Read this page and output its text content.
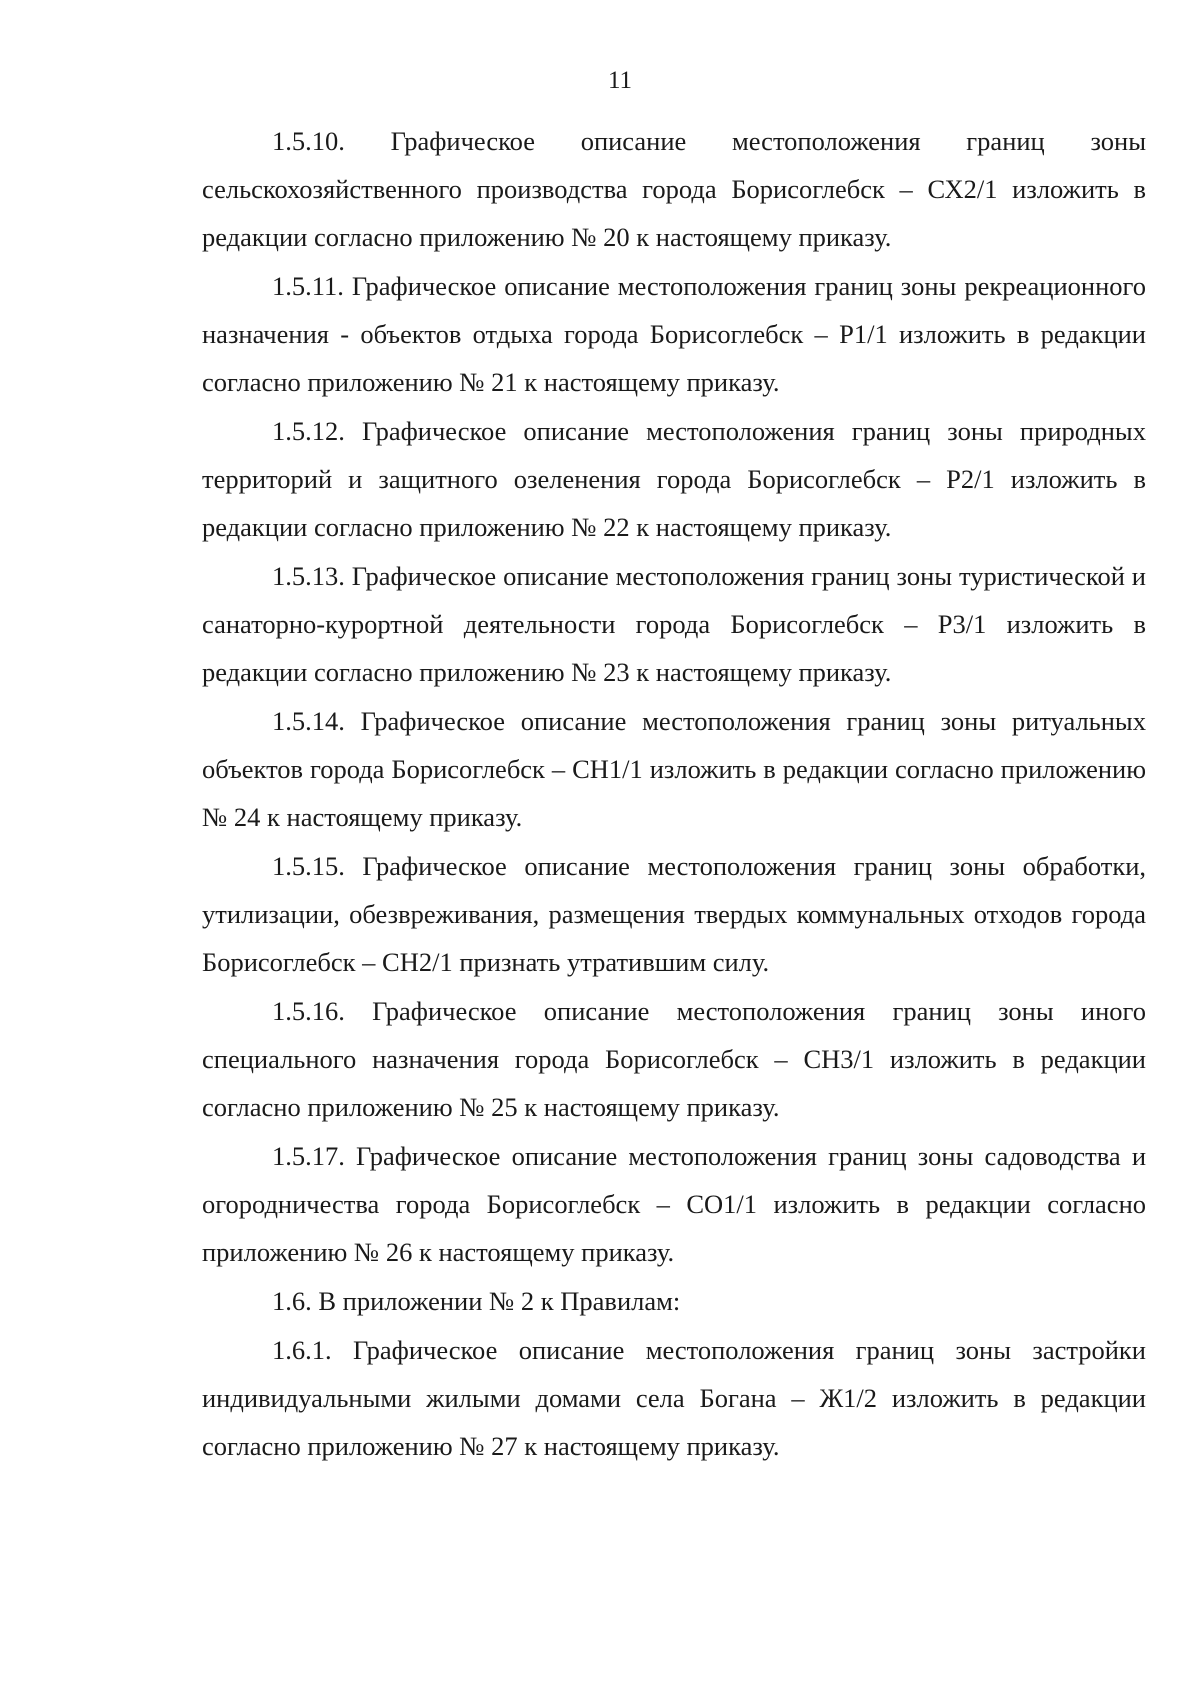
11

1.5.10. Графическое описание местоположения границ зоны сельскохозяйственного производства города Борисоглебск – СХ2/1 изложить в редакции согласно приложению № 20 к настоящему приказу.

1.5.11. Графическое описание местоположения границ зоны рекреационного назначения - объектов отдыха города Борисоглебск – Р1/1 изложить в редакции согласно приложению № 21 к настоящему приказу.

1.5.12. Графическое описание местоположения границ зоны природных территорий и защитного озеленения города Борисоглебск – Р2/1 изложить в редакции согласно приложению № 22 к настоящему приказу.

1.5.13. Графическое описание местоположения границ зоны туристической и санаторно-курортной деятельности города Борисоглебск – Р3/1 изложить в редакции согласно приложению № 23 к настоящему приказу.

1.5.14. Графическое описание местоположения границ зоны ритуальных объектов города Борисоглебск – СН1/1 изложить в редакции согласно приложению № 24 к настоящему приказу.

1.5.15. Графическое описание местоположения границ зоны обработки, утилизации, обезвреживания, размещения твердых коммунальных отходов города Борисоглебск – СН2/1 признать утратившим силу.

1.5.16. Графическое описание местоположения границ зоны иного специального назначения города Борисоглебск – СН3/1 изложить в редакции согласно приложению № 25 к настоящему приказу.

1.5.17. Графическое описание местоположения границ зоны садоводства и огородничества города Борисоглебск – СО1/1 изложить в редакции согласно приложению № 26 к настоящему приказу.

1.6. В приложении № 2 к Правилам:

1.6.1. Графическое описание местоположения границ зоны застройки индивидуальными жилыми домами села Богана – Ж1/2 изложить в редакции согласно приложению № 27 к настоящему приказу.
